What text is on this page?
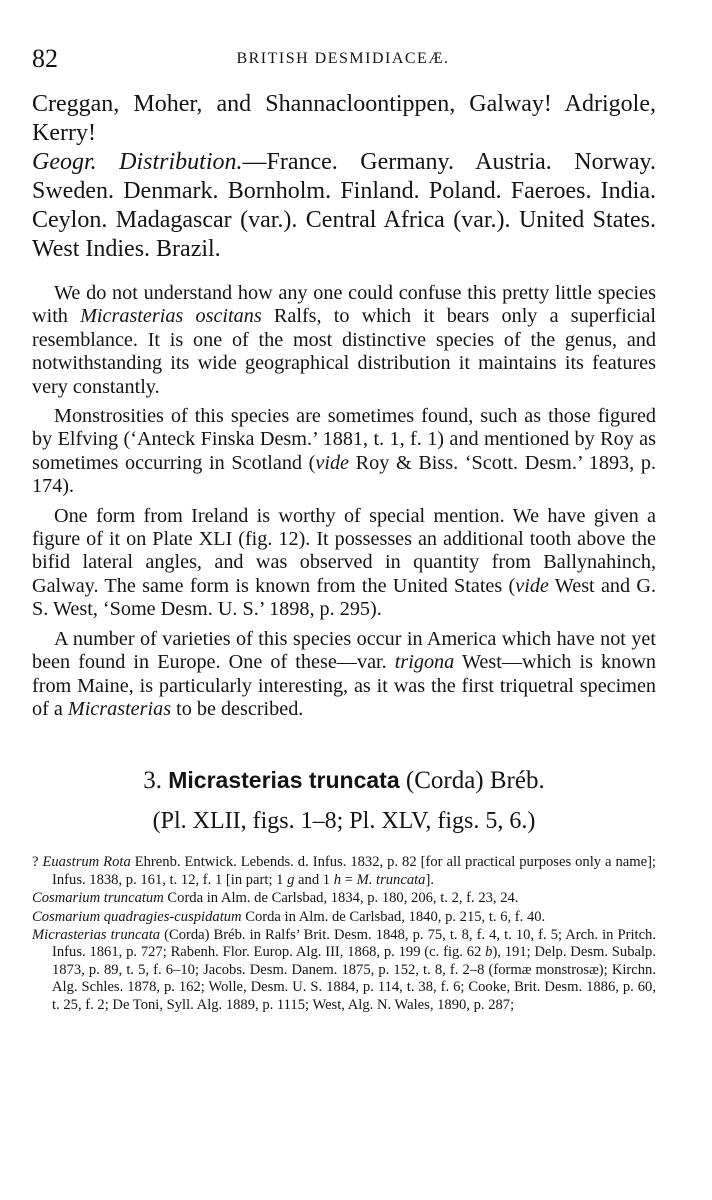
82	BRITISH DESMIDIACEÆ.

Creggan, Moher, and Shannacloontippen, Galway! Adrigole, Kerry!

Geogr. Distribution.—France. Germany. Austria. Norway. Sweden. Denmark. Bornholm. Finland. Poland. Faeroes. India. Ceylon. Madagascar (var.). Central Africa (var.). United States. West Indies. Brazil.

We do not understand how any one could confuse this pretty little species with Micrasterias oscitans Ralfs, to which it bears only a superficial resemblance. It is one of the most distinctive species of the genus, and notwithstanding its wide geographical distribution it maintains its features very constantly.

Monstrosities of this species are sometimes found, such as those figured by Elfving (‘Anteck Finska Desm.’ 1881, t. 1, f. 1) and mentioned by Roy as sometimes occurring in Scotland (vide Roy & Biss. ‘Scott. Desm.’ 1893, p. 174).

One form from Ireland is worthy of special mention. We have given a figure of it on Plate XLI (fig. 12). It possesses an additional tooth above the bifid lateral angles, and was observed in quantity from Ballynahinch, Galway. The same form is known from the United States (vide West and G. S. West, ‘Some Desm. U. S.’ 1898, p. 295).

A number of varieties of this species occur in America which have not yet been found in Europe. One of these—var. trigona West—which is known from Maine, is particularly interesting, as it was the first triquetral specimen of a Micrasterias to be described.

3. Micrasterias truncata (Corda) Bréb.
(Pl. XLII, figs. 1–8; Pl. XLV, figs. 5, 6.)

? Euastrum Rota Ehrenb. Entwick. Lebends. d. Infus. 1832, p. 82 [for all practical purposes only a name]; Infus. 1838, p. 161, t. 12, f. 1 [in part; 1 g and 1 h = M. truncata].

Cosmarium truncatum Corda in Alm. de Carlsbad, 1834, p. 180, 206, t. 2, f. 23, 24.

Cosmarium quadragies-cuspidatum Corda in Alm. de Carlsbad, 1840, p. 215, t. 6, f. 40.

Micrasterias truncata (Corda) Bréb. in Ralfs’ Brit. Desm. 1848, p. 75, t. 8, f. 4, t. 10, f. 5; Arch. in Pritch. Infus. 1861, p. 727; Rabenh. Flor. Europ. Alg. III, 1868, p. 199 (c. fig. 62 b), 191; Delp. Desm. Subalp. 1873, p. 89, t. 5, f. 6–10; Jacobs. Desm. Danem. 1875, p. 152, t. 8, f. 2–8 (formæ monstrosæ); Kirchn. Alg. Schles. 1878, p. 162; Wolle, Desm. U. S. 1884, p. 114, t. 38, f. 6; Cooke, Brit. Desm. 1886, p. 60, t. 25, f. 2; De Toni, Syll. Alg. 1889, p. 1115; West, Alg. N. Wales, 1890, p. 287;
